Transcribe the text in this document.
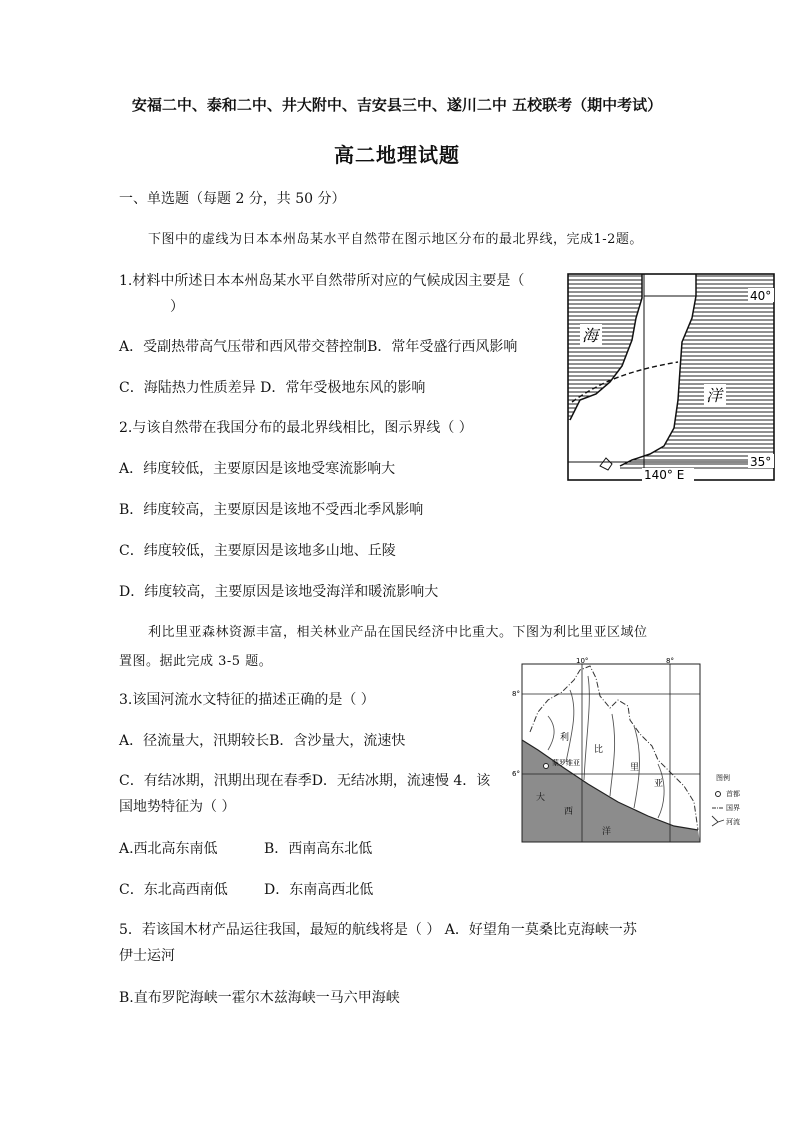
安福二中、泰和二中、井大附中、吉安县三中、遂川二中 五校联考（期中考试）
高二地理试题
一、单选题（每题 2 分，共 50 分）
下图中的虚线为日本本州岛某水平自然带在图示地区分布的最北界线，完成1-2题。
1.材料中所述日本本州岛某水平自然带所对应的气候成因主要是（
）
A．受副热带高气压带和西风带交替控制B．常年受盛行西风影响
C．海陆热力性质差异 D．常年受极地东风的影响
2.与该自然带在我国分布的最北界线相比，图示界线（ ）
A．纬度较低，主要原因是该地受寒流影响大
B．纬度较高，主要原因是该地不受西北季风影响
C．纬度较低，主要原因是该地多山地、丘陵
D．纬度较高，主要原因是该地受海洋和暖流影响大
海
洋
40°
35°
140° E
利比里亚森林资源丰富，相关林业产品在国民经济中比重大。下图为利比里亚区域位
置图。据此完成 3-5 题。
3.该国河流水文特征的描述正确的是（ ）
A．径流量大，汛期较长B．含沙量大，流速快
C．有结冰期，汛期出现在春季D．无结冰期，流速慢 4．该
国地势特征为（ ）
A.西北高东南低	B．西南高东北低
C．东北高西南低	D．东南高西北低
5．若该国木材产品运往我国，最短的航线将是（ ） A．好望角一莫桑比克海峡一苏
伊士运河
B.直布罗陀海峡一霍尔木兹海峡一马六甲海峡
10°	8°
8°
6°
利
比
里
亚
蒙罗维亚
大
西
洋
图例
首都
国界
河流
